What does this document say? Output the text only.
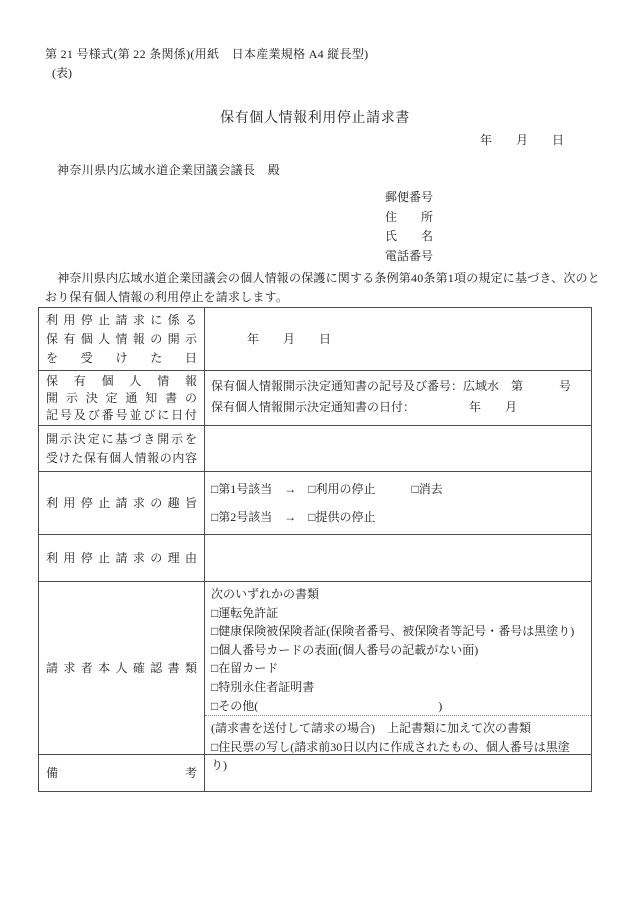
第 21 号様式(第 22 条関係)(用紙　日本産業規格 A4 縦長型)
(表)
保有個人情報利用停止請求書
年　　月　　日
神奈川県内広域水道企業団議会議長　殿
郵便番号
住　　所
氏　　名
電話番号
　神奈川県内広域水道企業団議会の個人情報の保護に関する条例第40条第1項の規定に基づき、次のと
おり保有個人情報の利用停止を請求します。
利用停止請求に係る
保有個人情報の開示
を受けた日
年　　月　　日
保有個人情報
開示決定通知書の
記号及び番号並びに日付
保有個人情報開示決定通知書の記号及び番号：広域水　第　　　号
保有個人情報開示決定通知書の日付：　　　　　年　　月
開示決定に基づき開示を
受けた保有個人情報の内容
利用停止請求の趣旨
□第1号該当　→　□利用の停止　　　□消去
□第2号該当　→　□提供の停止
利用停止請求の理由
請求者本人確認書類
次のいずれかの書類
□運転免許証
□健康保険被保険者証(保険者番号、被保険者等記号・番号は黒塗り)
□個人番号カードの表面(個人番号の記載がない面)
□在留カード
□特別永住者証明書
□その他(　　　　　　　　　　　　　　　)
(請求書を送付して請求の場合)　上記書類に加えて次の書類
□住民票の写し(請求前30日以内に作成されたもの、個人番号は黒塗り)
備考
